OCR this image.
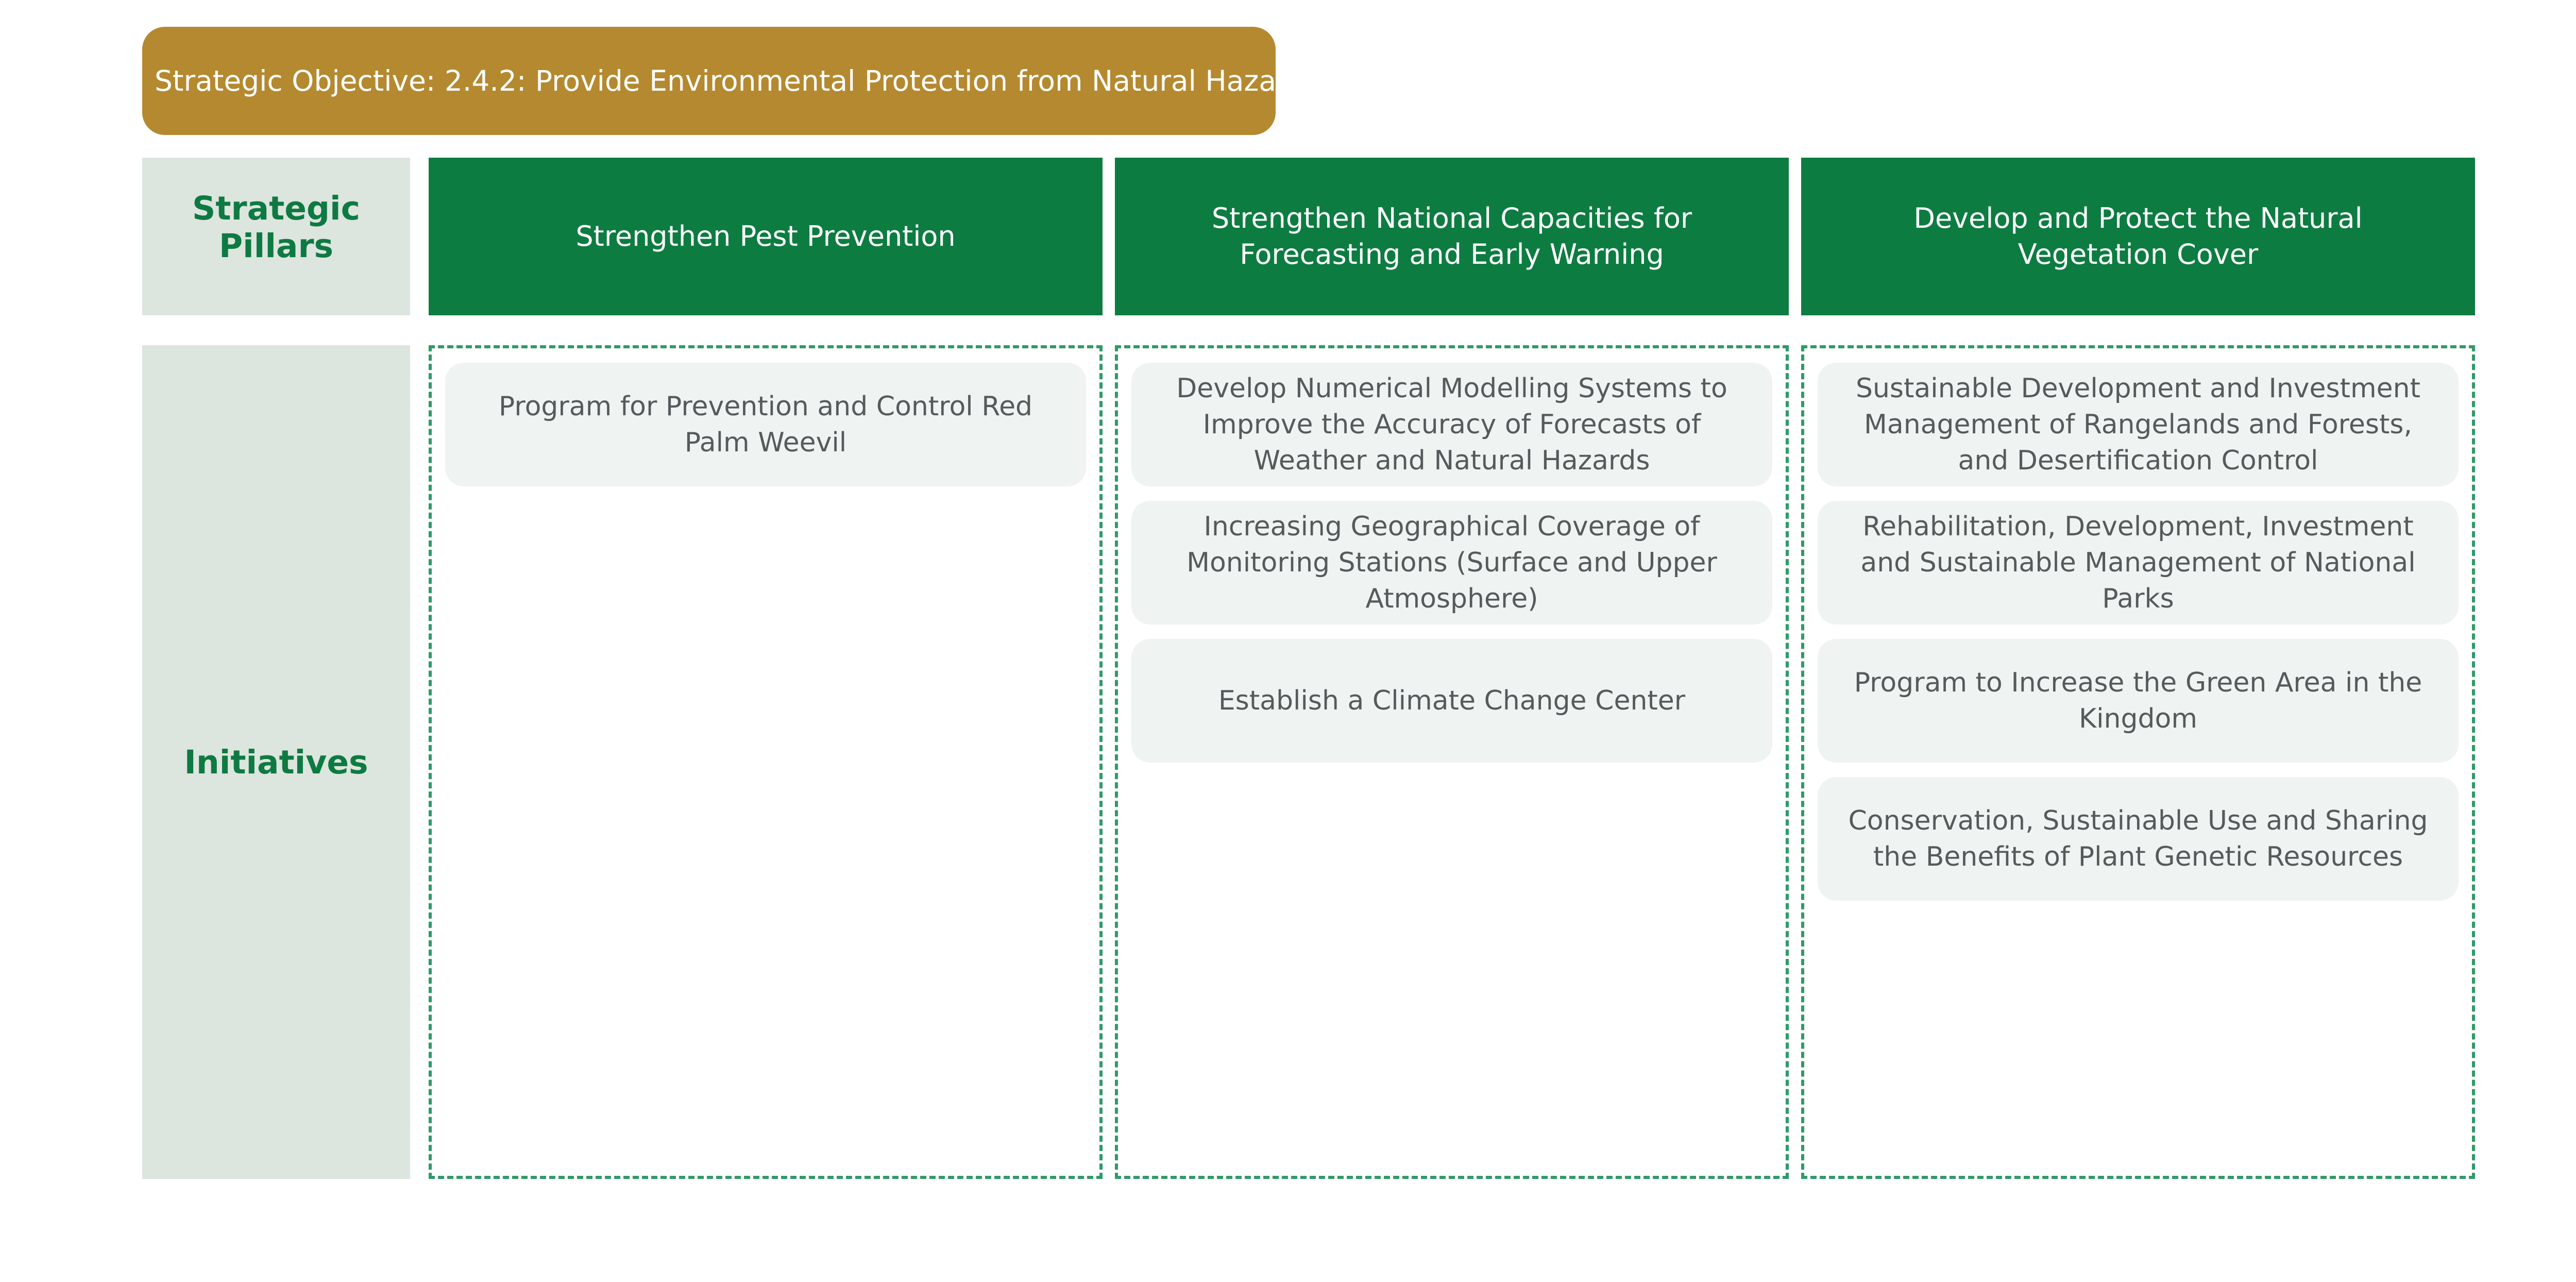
Strategic Objective: 2.4.2: Provide Environmental Protection from Natural Hazards
Strategic Pillars
Initiatives
Strengthen Pest Prevention
Strengthen National Capacities for Forecasting and Early Warning
Develop and Protect the Natural Vegetation Cover
Program for Prevention and Control Red Palm Weevil
Develop Numerical Modelling Systems to Improve the Accuracy of Forecasts of Weather and Natural Hazards
Increasing Geographical Coverage of Monitoring Stations (Surface and Upper Atmosphere)
Establish a Climate Change Center
Sustainable Development and Investment Management of Rangelands and Forests, and Desertification Control
Rehabilitation, Development, Investment and Sustainable Management of National Parks
Program to Increase the Green Area in the Kingdom
Conservation, Sustainable Use and Sharing the Benefits of Plant Genetic Resources
